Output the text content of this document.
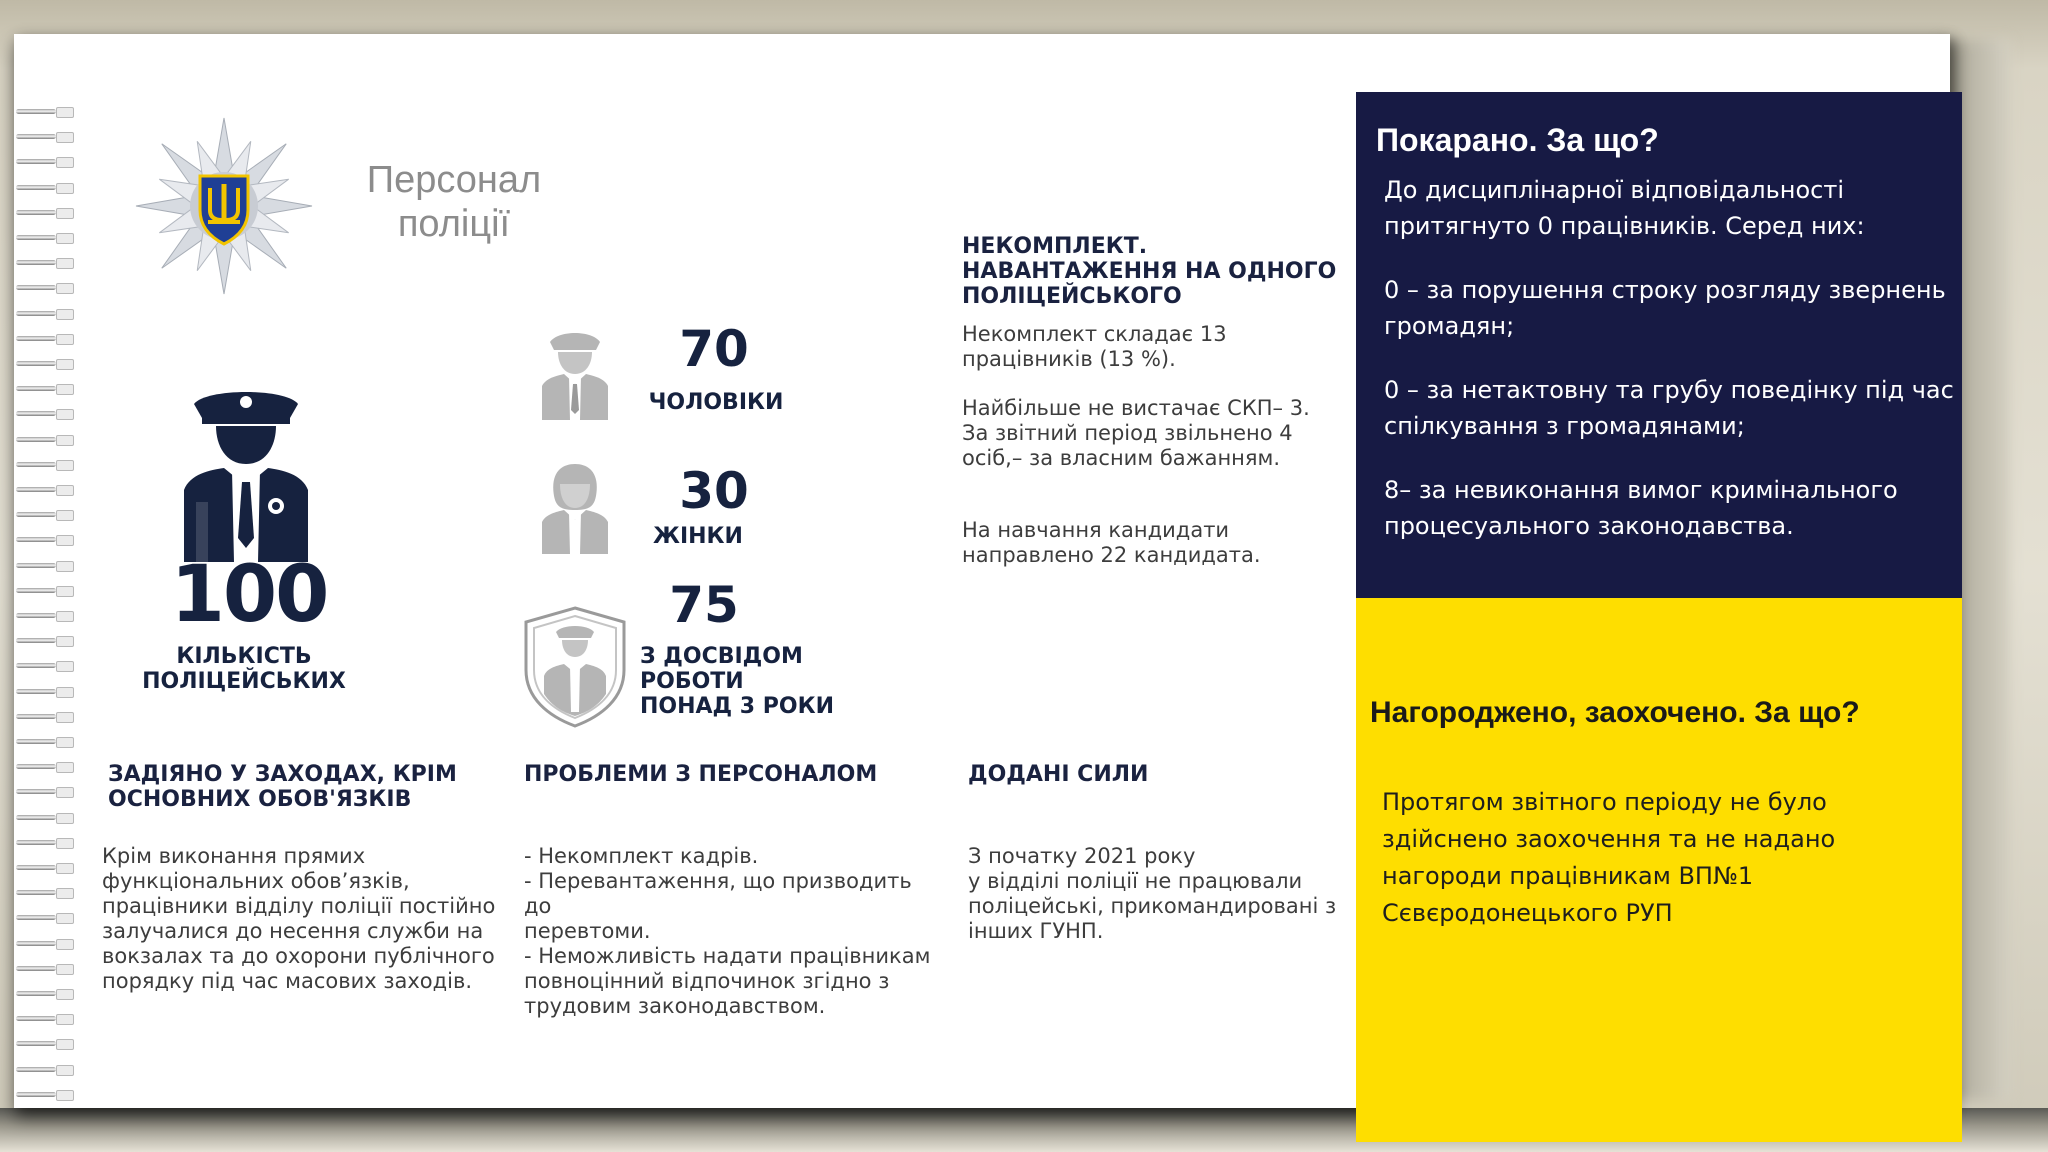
Персонал поліції
100
КІЛЬКІСТЬ ПОЛІЦЕЙСЬКИХ
70
ЧОЛОВІКИ
30
ЖІНКИ
75
З ДОСВІДОМ РОБОТИ ПОНАД 3 РОКИ
НЕКОМПЛЕКТ. НАВАНТАЖЕННЯ НА ОДНОГО ПОЛІЦЕЙСЬКОГО
Некомплект складає 13
працівників (13 %).
Найбільше не вистачає СКП– 3.
За звітний період звільнено 4
осіб,– за власним бажанням.
На навчання кандидати
направлено 22 кандидата.
ЗАДІЯНО У ЗАХОДАХ, КРІМ ОСНОВНИХ ОБОВ'ЯЗКІВ
Крім виконання прямих
функціональних обов’язків,
працівники відділу поліції постійно
залучалися до несення служби на
вокзалах та до охорони публічного
порядку під час масових заходів.
ПРОБЛЕМИ З ПЕРСОНАЛОМ
- Некомплект кадрів.
- Перевантаження, що призводить до
перевтоми.
- Неможливість надати працівникам
повноцінний відпочинок згідно з
трудовим законодавством.
ДОДАНІ СИЛИ
З початку 2021 року
у відділі поліції не працювали
поліцейські, прикомандировані з
інших ГУНП.
Покарано. За що?
До дисциплінарної відповідальності притягнуто 0 працівників. Серед них:
0 – за порушення строку розгляду звернень громадян;
0 – за нетактовну та грубу поведінку під час спілкування з громадянами;
8– за невиконання вимог кримінального процесуального законодавства.
Нагороджено, заохочено. За що?
Протягом звітного періоду не було здійснено заохочення та не надано нагороди працівникам ВП№1 Сєвєродонецького РУП
